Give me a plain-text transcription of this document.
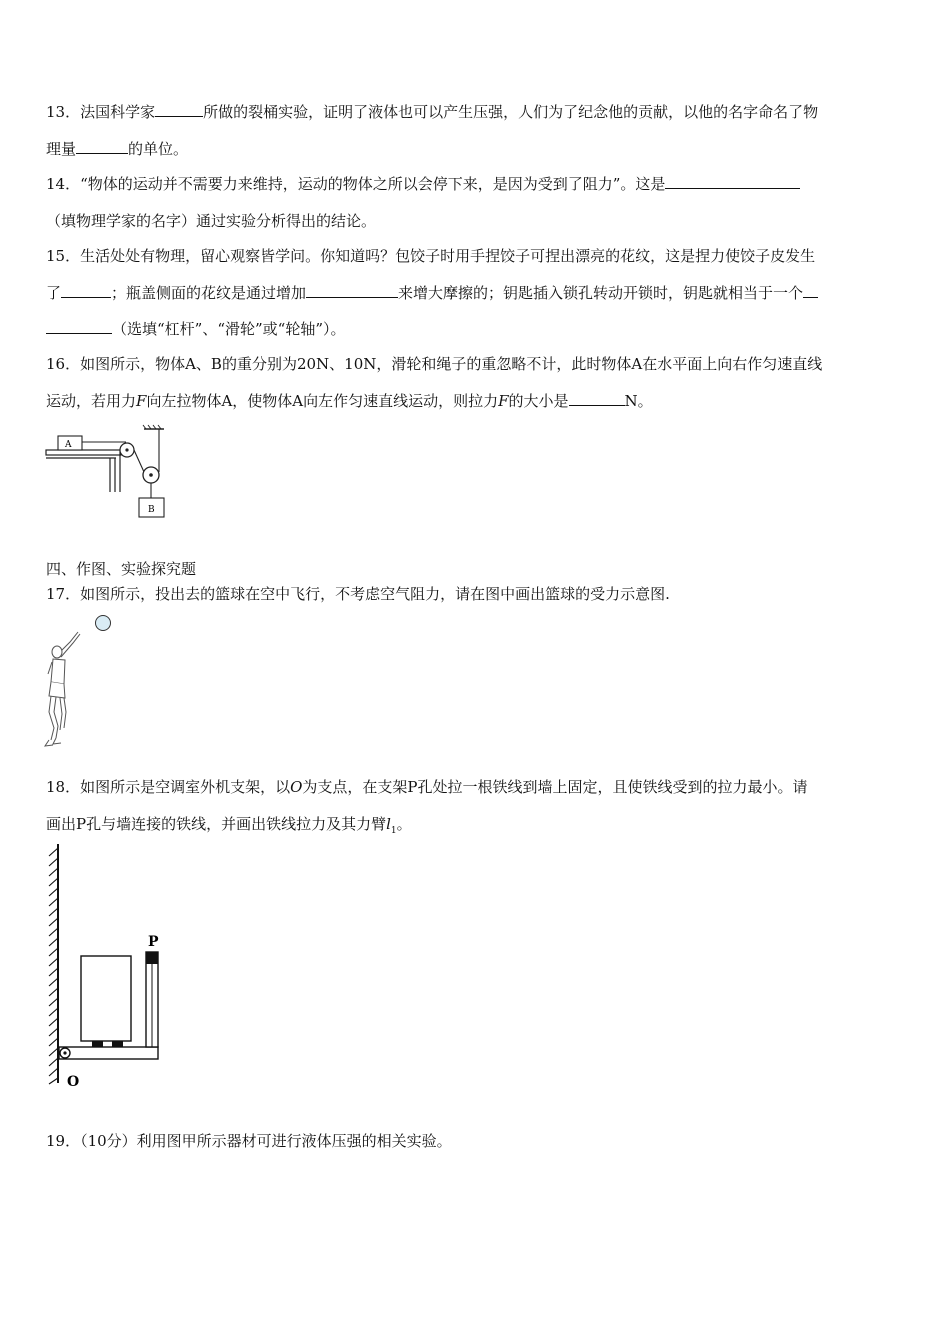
13．法国科学家	所做的裂桶实验，证明了液体也可以产生压强，人们为了纪念他的贡献，以他的名字命名了物
理量	的单位。
14．“物体的运动并不需要力来维持，运动的物体之所以会停下来，是因为受到了阻力”。这是
（填物理学家的名字）通过实验分析得出的结论。
15．生活处处有物理，留心观察皆学问。你知道吗？包饺子时用手捏饺子可捏出漂亮的花纹，这是捏力使饺子皮发生
了	；瓶盖侧面的花纹是通过增加	来增大摩擦的；钥匙插入锁孔转动开锁时，钥匙就相当于一个
（选填“杠杆”、“滑轮”或“轮轴”）。
16．如图所示，物体A、B的重分别为20N、10N，滑轮和绳子的重忽略不计，此时物体A在水平面上向右作匀速直线
运动，若用力F向左拉物体A，使物体A向左作匀速直线运动，则拉力F的大小是	N。
A
B
四、作图、实验探究题
17．如图所示，投出去的篮球在空中飞行，不考虑空气阻力，请在图中画出篮球的受力示意图.
18．如图所示是空调室外机支架，以O为支点，在支架P孔处拉一根铁线到墙上固定，且使铁线受到的拉力最小。请
画出P孔与墙连接的铁线，并画出铁线拉力及其力臂$l_1$。
P
O
19．（10分）利用图甲所示器材可进行液体压强的相关实验。
